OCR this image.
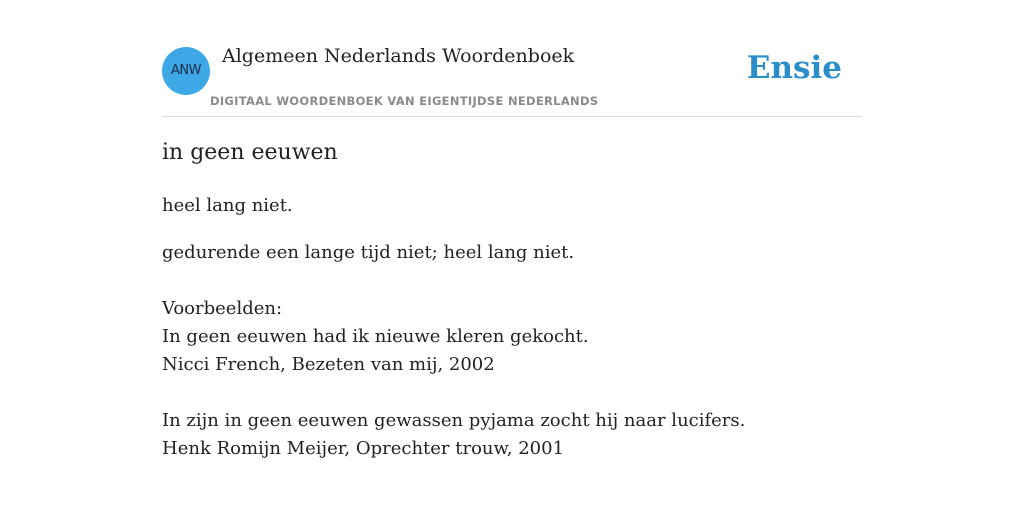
ANW
Algemeen Nederlands Woordenboek
DIGITAAL WOORDENBOEK VAN EIGENTIJDSE NEDERLANDS
Ensie
in geen eeuwen
heel lang niet.
gedurende een lange tijd niet; heel lang niet.
Voorbeelden:
In geen eeuwen had ik nieuwe kleren gekocht.
Nicci French, Bezeten van mij, 2002
In zijn in geen eeuwen gewassen pyjama zocht hij naar lucifers.
Henk Romijn Meijer, Oprechter trouw, 2001
